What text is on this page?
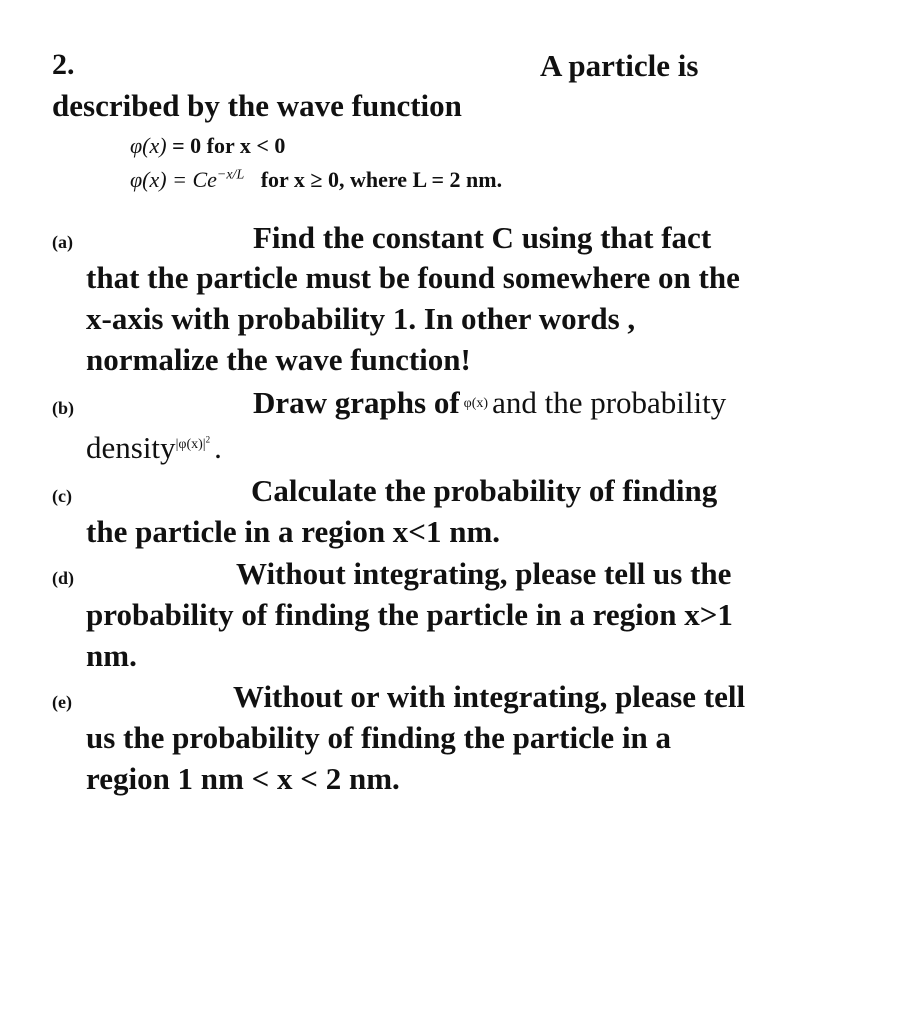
2.	A particle is
described by the wave function
φ(x) = 0 for x < 0
$\varphi(x) = Ce^{-x/L}$ for x ≥ 0, where L = 2 nm.
(a)	Find the constant C using that fact
that the particle must be found somewhere on the
x-axis with probability 1. In other words ,
normalize the wave function!
(b)	Draw graphs of φ(x) and the probability
$density|\varphi(x)|^2$ .
(c)	Calculate the probability of finding
the particle in a region x<1 nm.
(d)	Without integrating, please tell us the
probability of finding the particle in a region x>1
nm.
(e)	Without or with integrating, please tell
us the probability of finding the particle in a
region 1 nm < x < 2 nm.
